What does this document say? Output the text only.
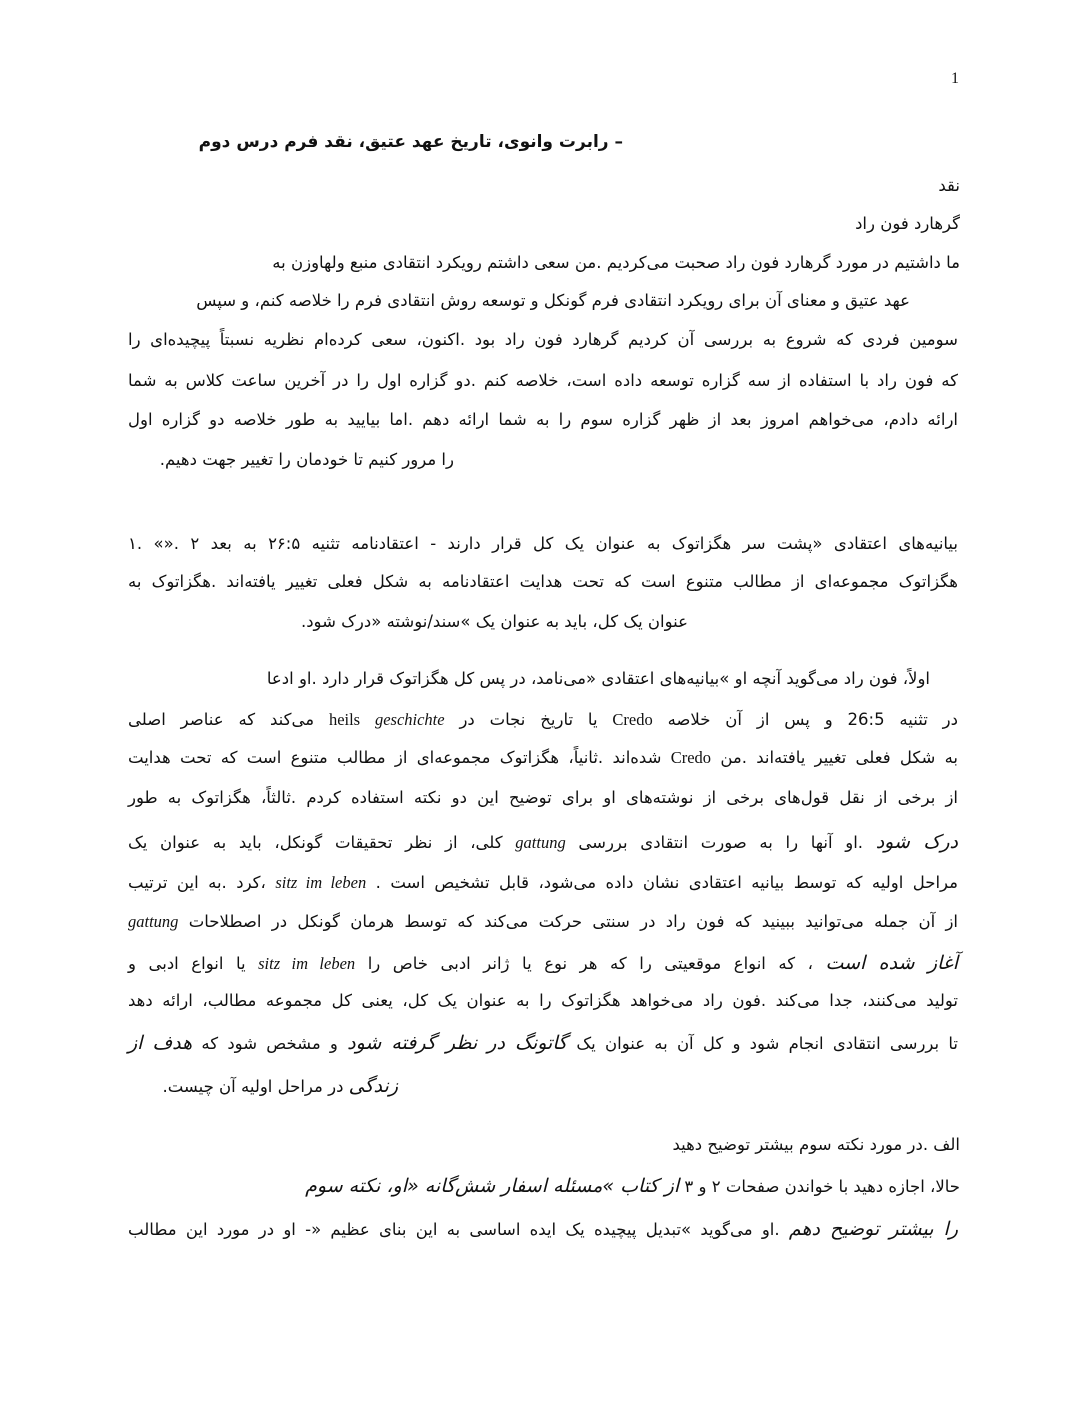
1
– رابرت وانوی، تاریخ عهد عتیق، نقد فرم درس دوم
نقد
گرهارد فون راد
ما داشتیم در مورد گرهارد فون راد صحبت می‌کردیم .من سعی داشتم رویکرد انتقادی منبع ولهاوزن به
عهد عتیق و معنای آن برای رویکرد انتقادی فرم گونکل و توسعه روش انتقادی فرم را خلاصه کنم، و سپس
سومین فردی که شروع به بررسی آن کردیم گرهارد فون راد بود .اکنون، سعی کرده‌ام نظریه نسبتاً پیچیده‌ای را
که فون راد با استفاده از سه گزاره توسعه داده است، خلاصه کنم .دو گزاره اول را در آخرین ساعت کلاس به شما
ارائه دادم، می‌خواهم امروز بعد از ظهر گزاره سوم را به شما ارائه دهم .اما بیایید به طور خلاصه دو گزاره اول
را مرور کنیم تا خودمان را تغییر جهت دهیم.
بیانیه‌های اعتقادی «پشت سر هگزاتوک به عنوان یک کل قرار دارند - اعتقادنامه تثنیه ۲۶:۵ به بعد ۲ .«» .۱
هگزاتوک مجموعه‌ای از مطالب متنوع است که تحت هدایت اعتقادنامه به شکل فعلی تغییر یافته‌اند .هگزاتوک به
عنوان یک کل، باید به عنوان یک »سند/نوشته «درک شود.
اولاً، فون راد می‌گوید آنچه او »بیانیه‌های اعتقادی «می‌نامد، در پس کل هگزاتوک قرار دارد .او ادعا
در تثنیه 26:5 و پس از آن خلاصه Credo یا تاریخ نجات در geschichte heils می‌کند که عناصر اصلی
به شکل فعلی تغییر یافته‌اند .من Credo شده‌اند .ثانیاً، هگزاتوک مجموعه‌ای از مطالب متنوع است که تحت هدایت
از برخی از نقل قول‌های برخی از نوشته‌های او برای توضیح این دو نکته استفاده کردم .ثالثاً، هگزاتوک به طور
درک شود .او آنها را به صورت انتقادی بررسی gattung کلی، از نظر تحقیقات گونکل، باید به عنوان یک
مراحل اولیه که توسط بیانیه اعتقادی نشان داده می‌شود، قابل تشخیص است . sitz im leben ،کرد .به این ترتیب
از آن جمله می‌توانید ببینید که فون راد در سنتی حرکت می‌کند که توسط هرمان گونکل در اصطلاحات gattung
آغاز شده است ، که انواع موقعیتی را که هر نوع یا ژانر ادبی خاص را sitz im leben یا انواع ادبی و
تولید می‌کنند، جدا می‌کند .فون راد می‌خواهد هگزاتوک را به عنوان یک کل، یعنی کل مجموعه مطالب، ارائه دهد
تا بررسی انتقادی انجام شود و کل آن به عنوان یک گاتونگ در نظر گرفته شود و مشخص شود که هدف از
زندگی در مراحل اولیه آن چیست.
الف .در مورد نکته سوم بیشتر توضیح دهید
حالا، اجازه دهید با خواندن صفحات ۲ و ۳ از کتاب »مسئله اسفار شش‌گانه «او، نکته سوم
را بیشتر توضیح دهم .او می‌گوید »تبدیل پیچیده یک ایده اساسی به این بنای عظیم «- او در مورد این مطالب
